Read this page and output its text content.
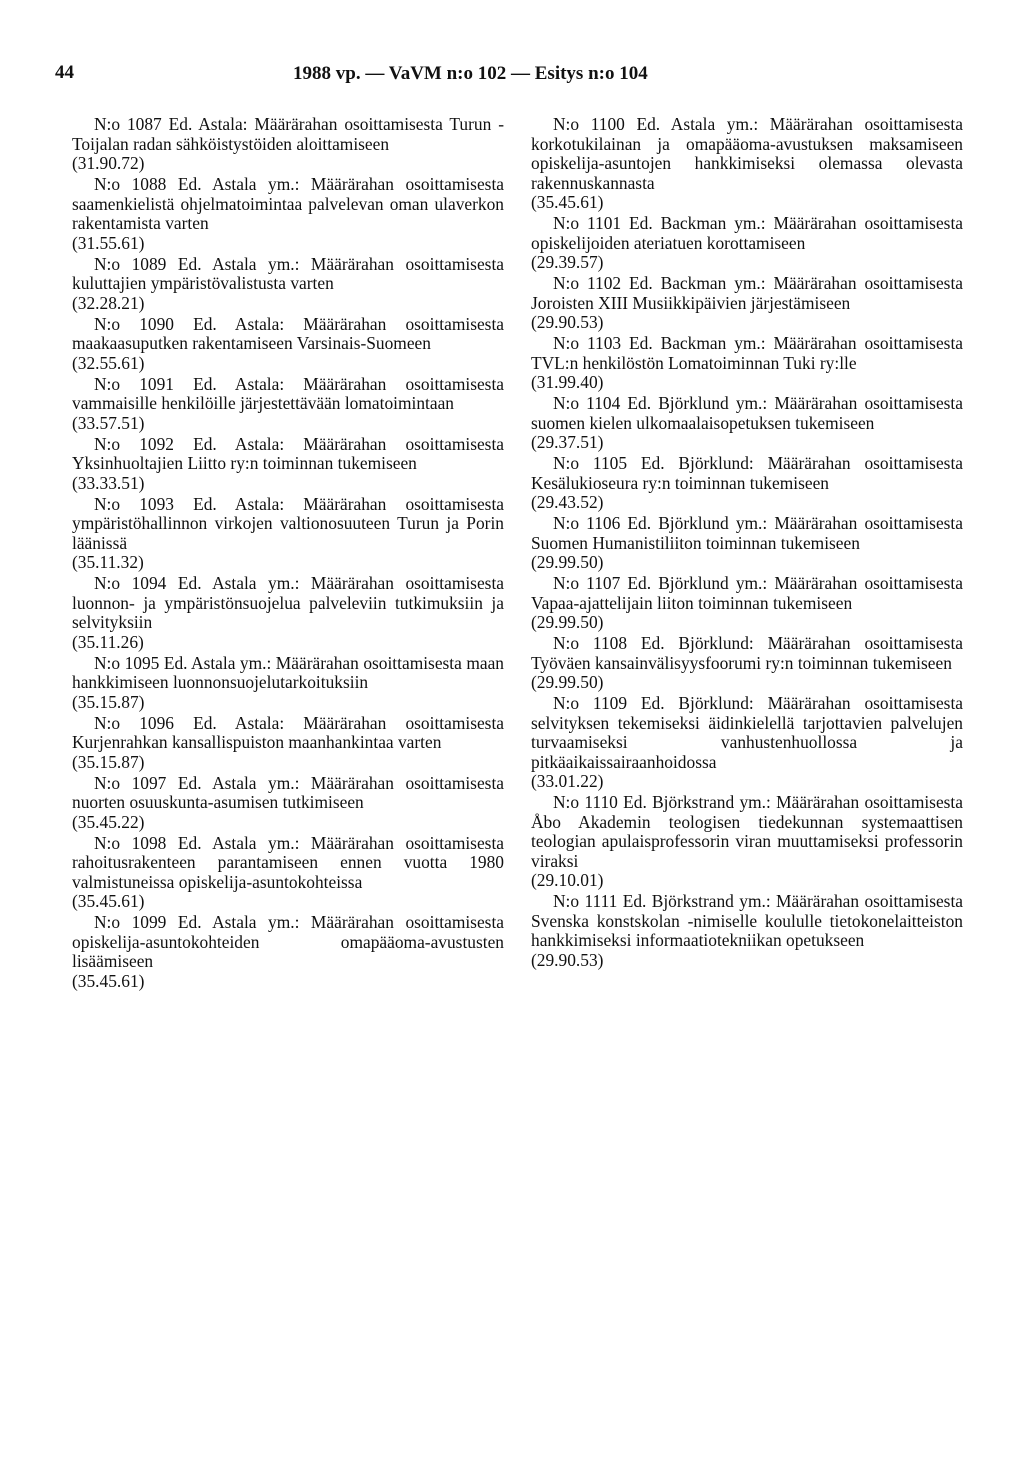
44	1988 vp. — VaVM n:o 102 — Esitys n:o 104
N:o 1087 Ed. Astala: Määrärahan osoittamisesta Turun - Toijalan radan sähköistystöiden aloittamiseen
(31.90.72)
N:o 1088 Ed. Astala ym.: Määrärahan osoittamisesta saamenkielistä ohjelmatoimintaa palvelevan oman ulaverkon rakentamista varten
(31.55.61)
N:o 1089 Ed. Astala ym.: Määrärahan osoittamisesta kuluttajien ympäristövalistusta varten
(32.28.21)
N:o 1090 Ed. Astala: Määrärahan osoittamisesta maakaasuputken rakentamiseen Varsinais-Suomeen
(32.55.61)
N:o 1091 Ed. Astala: Määrärahan osoittamisesta vammaisille henkilöille järjestettävään lomatoimintaan
(33.57.51)
N:o 1092 Ed. Astala: Määrärahan osoittamisesta Yksinhuoltajien Liitto ry:n toiminnan tukemiseen
(33.33.51)
N:o 1093 Ed. Astala: Määrärahan osoittamisesta ympäristöhallinnon virkojen valtionosuuteen Turun ja Porin läänissä
(35.11.32)
N:o 1094 Ed. Astala ym.: Määrärahan osoittamisesta luonnon- ja ympäristönsuojelua palveleviin tutkimuksiin ja selvityksiin
(35.11.26)
N:o 1095 Ed. Astala ym.: Määrärahan osoittamisesta maan hankkimiseen luonnonsuojelutarkoituksiin
(35.15.87)
N:o 1096 Ed. Astala: Määrärahan osoittamisesta Kurjenrahkan kansallispuiston maanhankintaa varten
(35.15.87)
N:o 1097 Ed. Astala ym.: Määrärahan osoittamisesta nuorten osuuskunta-asumisen tutkimiseen
(35.45.22)
N:o 1098 Ed. Astala ym.: Määrärahan osoittamisesta rahoitusrakenteen parantamiseen ennen vuotta 1980 valmistuneissa opiskelija-asuntokohteissa
(35.45.61)
N:o 1099 Ed. Astala ym.: Määrärahan osoittamisesta opiskelija-asuntokohteiden omapääoma-avustusten lisäämiseen
(35.45.61)
N:o 1100 Ed. Astala ym.: Määrärahan osoittamisesta korkotukilainan ja omapääoma-avustuksen maksamiseen opiskelija-asuntojen hankkimiseksi olemassa olevasta rakennuskannasta
(35.45.61)
N:o 1101 Ed. Backman ym.: Määrärahan osoittamisesta opiskelijoiden ateriatuen korottamiseen
(29.39.57)
N:o 1102 Ed. Backman ym.: Määrärahan osoittamisesta Joroisten XIII Musiikkipäivien järjestämiseen
(29.90.53)
N:o 1103 Ed. Backman ym.: Määrärahan osoittamisesta TVL:n henkilöstön Lomatoiminnan Tuki ry:lle
(31.99.40)
N:o 1104 Ed. Björklund ym.: Määrärahan osoittamisesta suomen kielen ulkomaalaisopetuksen tukemiseen
(29.37.51)
N:o 1105 Ed. Björklund: Määrärahan osoittamisesta Kesälukioseura ry:n toiminnan tukemiseen
(29.43.52)
N:o 1106 Ed. Björklund ym.: Määrärahan osoittamisesta Suomen Humanistiliiton toiminnan tukemiseen
(29.99.50)
N:o 1107 Ed. Björklund ym.: Määrärahan osoittamisesta Vapaa-ajattelijain liiton toiminnan tukemiseen
(29.99.50)
N:o 1108 Ed. Björklund: Määrärahan osoittamisesta Työväen kansainvälisyysfoorumi ry:n toiminnan tukemiseen
(29.99.50)
N:o 1109 Ed. Björklund: Määrärahan osoittamisesta selvityksen tekemiseksi äidinkielellä tarjottavien palvelujen turvaamiseksi vanhustenhuollossa ja pitkäaikaissairaanhoidossa
(33.01.22)
N:o 1110 Ed. Björkstrand ym.: Määrärahan osoittamisesta Åbo Akademin teologisen tiedekunnan systemaattisen teologian apulaisprofessorin viran muuttamiseksi professorin viraksi
(29.10.01)
N:o 1111 Ed. Björkstrand ym.: Määrärahan osoittamisesta Svenska konstskolan -nimiselle koululle tietokonelaitteiston hankkimiseksi informaatiotekniikan opetukseen
(29.90.53)
